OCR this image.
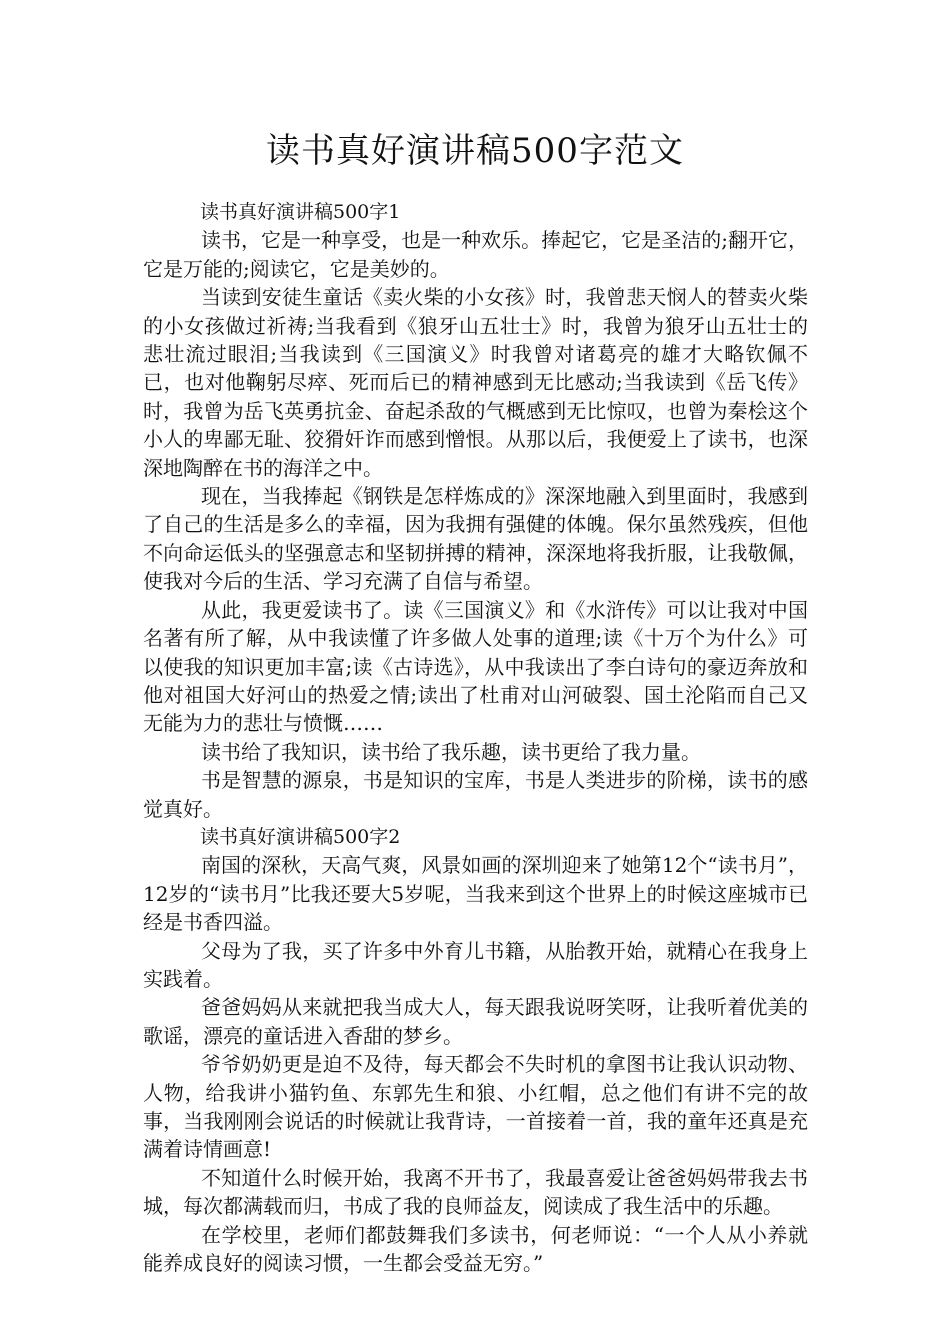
读书真好演讲稿500字范文

读书真好演讲稿500字1

读书，它是一种享受，也是一种欢乐。捧起它，它是圣洁的;翻开它，它是万能的;阅读它，它是美妙的。

当读到安徒生童话《卖火柴的小女孩》时，我曾悲天悯人的替卖火柴的小女孩做过祈祷;当我看到《狼牙山五壮士》时，我曾为狼牙山五壮士的悲壮流过眼泪;当我读到《三国演义》时我曾对诸葛亮的雄才大略钦佩不已，也对他鞠躬尽瘁、死而后已的精神感到无比感动;当我读到《岳飞传》时，我曾为岳飞英勇抗金、奋起杀敌的气概感到无比惊叹，也曾为秦桧这个小人的卑鄙无耻、狡猾奸诈而感到憎恨。从那以后，我便爱上了读书，也深深地陶醉在书的海洋之中。

现在，当我捧起《钢铁是怎样炼成的》深深地融入到里面时，我感到了自己的生活是多么的幸福，因为我拥有强健的体魄。保尔虽然残疾，但他不向命运低头的坚强意志和坚韧拼搏的精神，深深地将我折服，让我敬佩，使我对今后的生活、学习充满了自信与希望。

从此，我更爱读书了。读《三国演义》和《水浒传》可以让我对中国名著有所了解，从中我读懂了许多做人处事的道理;读《十万个为什么》可以使我的知识更加丰富;读《古诗选》，从中我读出了李白诗句的豪迈奔放和他对祖国大好河山的热爱之情;读出了杜甫对山河破裂、国土沦陷而自己又无能为力的悲壮与愤慨……

读书给了我知识，读书给了我乐趣，读书更给了我力量。

书是智慧的源泉，书是知识的宝库，书是人类进步的阶梯，读书的感觉真好。

读书真好演讲稿500字2

南国的深秋，天高气爽，风景如画的深圳迎来了她第12个“读书月”，12岁的“读书月”比我还要大5岁呢，当我来到这个世界上的时候这座城市已经是书香四溢。

父母为了我，买了许多中外育儿书籍，从胎教开始，就精心在我身上实践着。

爸爸妈妈从来就把我当成大人，每天跟我说呀笑呀，让我听着优美的歌谣，漂亮的童话进入香甜的梦乡。

爷爷奶奶更是迫不及待，每天都会不失时机的拿图书让我认识动物、人物，给我讲小猫钓鱼、东郭先生和狼、小红帽，总之他们有讲不完的故事，当我刚刚会说话的时候就让我背诗，一首接着一首，我的童年还真是充满着诗情画意!

不知道什么时候开始，我离不开书了，我最喜爱让爸爸妈妈带我去书城，每次都满载而归，书成了我的良师益友，阅读成了我生活中的乐趣。

在学校里，老师们都鼓舞我们多读书，何老师说：“一个人从小养就能养成良好的阅读习惯，一生都会受益无穷。”
